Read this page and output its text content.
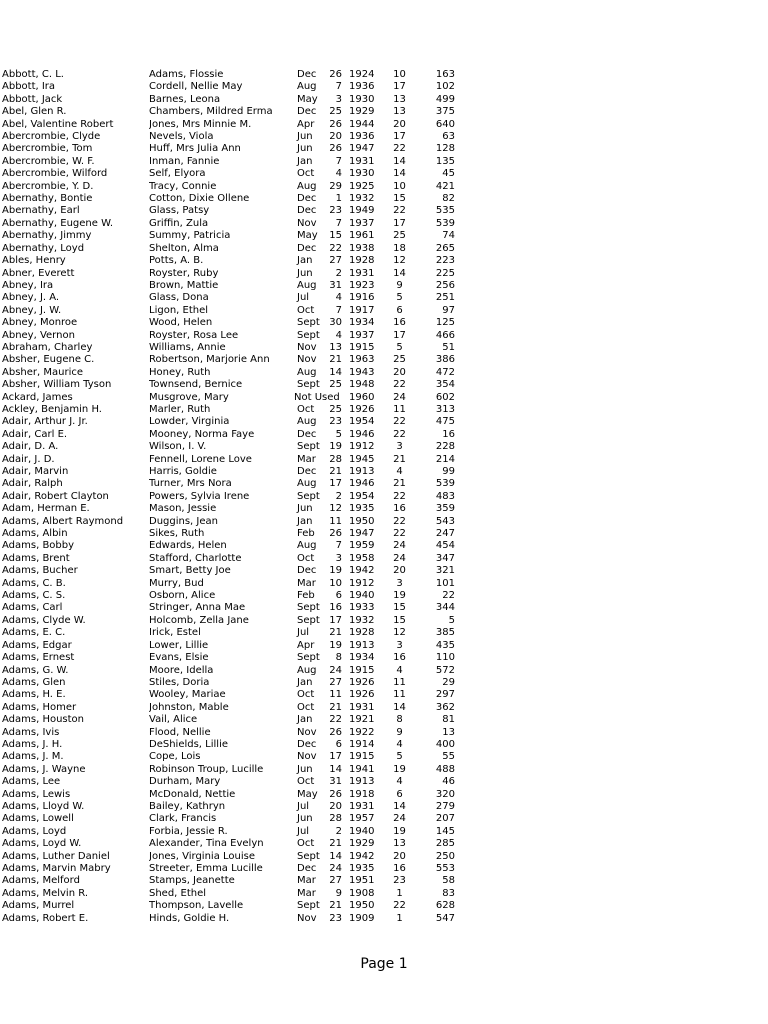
Abbott, C. L.	Adams, Flossie	Dec	26	1924	10	163
Abbott, Ira	Cordell, Nellie May	Aug	7	1936	17	102
Abbott, Jack	Barnes, Leona	May	3	1930	13	499
Abel, Glen R.	Chambers, Mildred Erma	Dec	25	1929	13	375
Abel, Valentine Robert	Jones, Mrs Minnie M.	Apr	26	1944	20	640
Abercrombie, Clyde	Nevels, Viola	Jun	20	1936	17	63
Abercrombie, Tom	Huff, Mrs Julia Ann	Jun	26	1947	22	128
Abercrombie, W. F.	Inman, Fannie	Jan	7	1931	14	135
Abercrombie, Wilford	Self, Elyora	Oct	4	1930	14	45
Abercrombie, Y. D.	Tracy, Connie	Aug	29	1925	10	421
Abernathy, Bontie	Cotton, Dixie Ollene	Dec	1	1932	15	82
Abernathy, Earl	Glass, Patsy	Dec	23	1949	22	535
Abernathy, Eugene W.	Griffin, Zula	Nov	7	1937	17	539
Abernathy, Jimmy	Summy, Patricia	May	15	1961	25	74
Abernathy, Loyd	Shelton, Alma	Dec	22	1938	18	265
Ables, Henry	Potts, A. B.	Jan	27	1928	12	223
Abner, Everett	Royster, Ruby	Jun	2	1931	14	225
Abney, Ira	Brown, Mattie	Aug	31	1923	9	256
Abney, J. A.	Glass, Dona	Jul	4	1916	5	251
Abney, J. W.	Ligon, Ethel	Oct	7	1917	6	97
Abney, Monroe	Wood, Helen	Sept	30	1934	16	125
Abney, Vernon	Royster, Rosa Lee	Sept	4	1937	17	466
Abraham, Charley	Williams, Annie	Nov	13	1915	5	51
Absher, Eugene C.	Robertson, Marjorie Ann	Nov	21	1963	25	386
Absher, Maurice	Honey, Ruth	Aug	14	1943	20	472
Absher, William Tyson	Townsend, Bernice	Sept	25	1948	22	354
Ackard, James	Musgrove, Mary	Not Used		1960	24	602
Ackley, Benjamin H.	Marler, Ruth	Oct	25	1926	11	313
Adair, Arthur J. Jr.	Lowder, Virginia	Aug	23	1954	22	475
Adair, Carl E.	Mooney, Norma Faye	Dec	5	1946	22	16
Adair, D. A.	Wilson, I. V.	Sept	19	1912	3	228
Adair, J. D.	Fennell, Lorene Love	Mar	28	1945	21	214
Adair, Marvin	Harris, Goldie	Dec	21	1913	4	99
Adair, Ralph	Turner, Mrs Nora	Aug	17	1946	21	539
Adair, Robert Clayton	Powers, Sylvia Irene	Sept	2	1954	22	483
Adam, Herman E.	Mason, Jessie	Jun	12	1935	16	359
Adams, Albert Raymond	Duggins, Jean	Jan	11	1950	22	543
Adams, Albin	Sikes, Ruth	Feb	26	1947	22	247
Adams, Bobby	Edwards, Helen	Aug	7	1959	24	454
Adams, Brent	Stafford, Charlotte	Oct	3	1958	24	347
Adams, Bucher	Smart, Betty Joe	Dec	19	1942	20	321
Adams, C. B.	Murry, Bud	Mar	10	1912	3	101
Adams, C. S.	Osborn, Alice	Feb	6	1940	19	22
Adams, Carl	Stringer, Anna Mae	Sept	16	1933	15	344
Adams, Clyde W.	Holcomb, Zella Jane	Sept	17	1932	15	5
Adams, E. C.	Irick, Estel	Jul	21	1928	12	385
Adams, Edgar	Lower, Lillie	Apr	19	1913	3	435
Adams, Ernest	Evans, Elsie	Sept	8	1934	16	110
Adams, G. W.	Moore, Idella	Aug	24	1915	4	572
Adams, Glen	Stiles, Doria	Jan	27	1926	11	29
Adams, H. E.	Wooley, Mariae	Oct	11	1926	11	297
Adams, Homer	Johnston, Mable	Oct	21	1931	14	362
Adams, Houston	Vail, Alice	Jan	22	1921	8	81
Adams, Ivis	Flood, Nellie	Nov	26	1922	9	13
Adams, J. H.	DeShields, Lillie	Dec	6	1914	4	400
Adams, J. M.	Cope, Lois	Nov	17	1915	5	55
Adams, J. Wayne	Robinson Troup, Lucille	Jun	14	1941	19	488
Adams, Lee	Durham, Mary	Oct	31	1913	4	46
Adams, Lewis	McDonald, Nettie	May	26	1918	6	320
Adams, Lloyd W.	Bailey, Kathryn	Jul	20	1931	14	279
Adams, Lowell	Clark, Francis	Jun	28	1957	24	207
Adams, Loyd	Forbia, Jessie R.	Jul	2	1940	19	145
Adams, Loyd W.	Alexander, Tina Evelyn	Oct	21	1929	13	285
Adams, Luther Daniel	Jones, Virginia Louise	Sept	14	1942	20	250
Adams, Marvin Mabry	Streeter, Emma Lucille	Dec	24	1935	16	553
Adams, Melford	Stamps, Jeanette	Mar	27	1951	23	58
Adams, Melvin R.	Shed, Ethel	Mar	9	1908	1	83
Adams, Murrel	Thompson, Lavelle	Sept	21	1950	22	628
Adams, Robert E.	Hinds, Goldie H.	Nov	23	1909	1	547
Page 1
